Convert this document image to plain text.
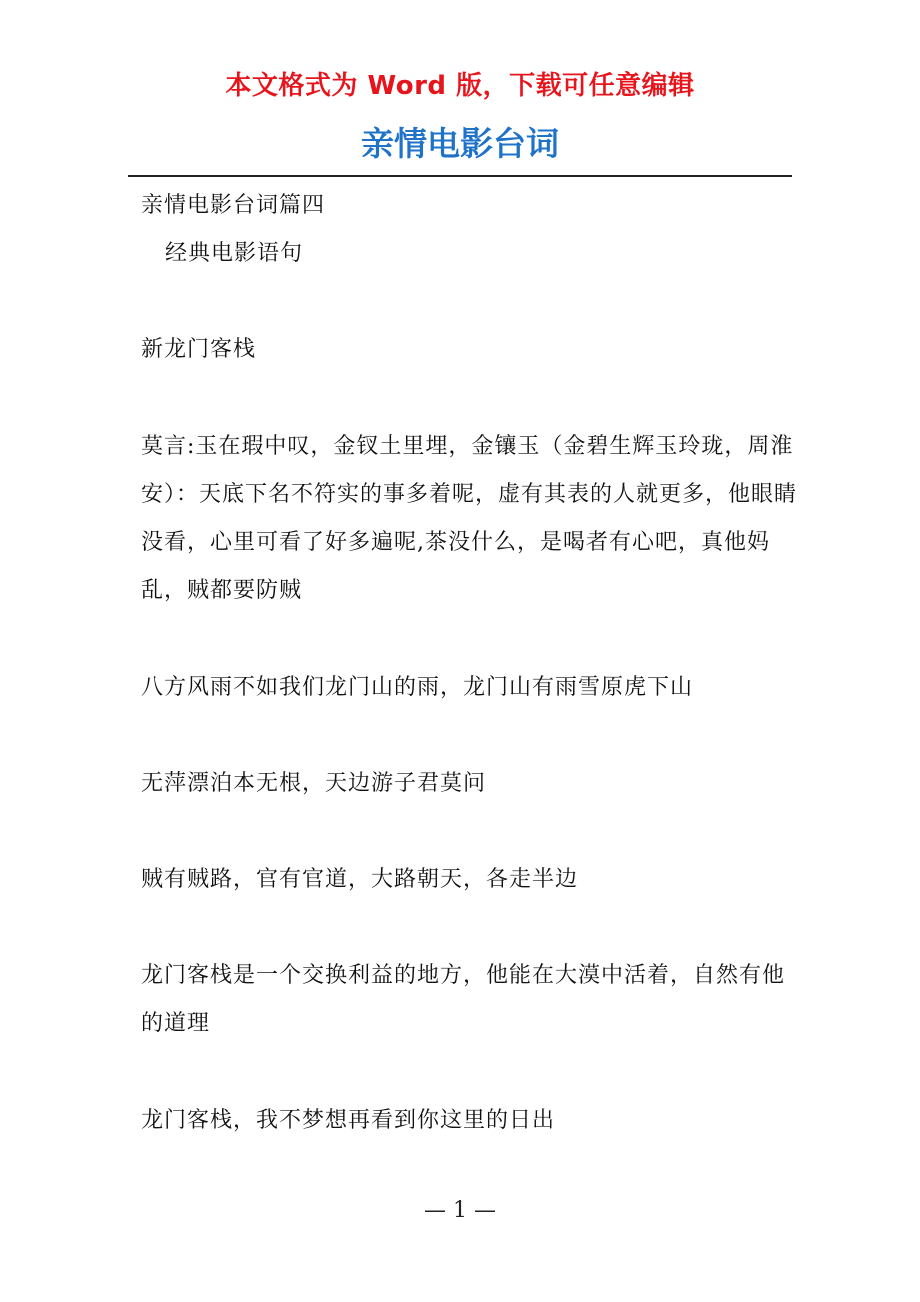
本文格式为 Word 版，下载可任意编辑
亲情电影台词

亲情电影台词篇四

经典电影语句

新龙门客栈

莫言:玉在瑕中叹，金钗土里埋，金镶玉（金碧生辉玉玲珑，周淮安）：天底下名不符实的事多着呢，虚有其表的人就更多，他眼睛没看，心里可看了好多遍呢,茶没什么，是喝者有心吧，真他妈乱，贼都要防贼

八方风雨不如我们龙门山的雨，龙门山有雨雪原虎下山

无萍漂泊本无根，天边游子君莫问

贼有贼路，官有官道，大路朝天，各走半边

龙门客栈是一个交换利益的地方，他能在大漠中活着，自然有他的道理

龙门客栈，我不梦想再看到你这里的日出

— 1 —
